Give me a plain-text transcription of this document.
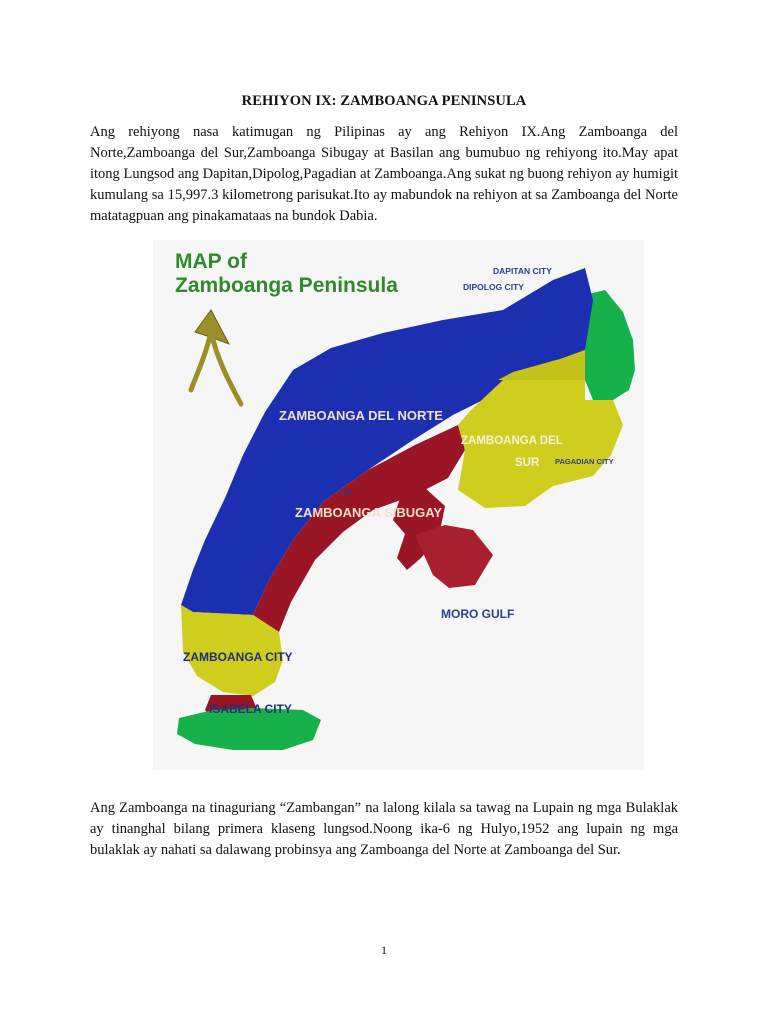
REHIYON IX: ZAMBOANGA PENINSULA
Ang rehiyong nasa katimugan ng Pilipinas ay ang Rehiyon IX.Ang Zamboanga del Norte,Zamboanga del Sur,Zamboanga Sibugay at Basilan ang bumubuo ng rehiyong ito.May apat itong Lungsod ang Dapitan,Dipolog,Pagadian at Zamboanga.Ang sukat ng buong rehiyon ay humigit kumulang sa 15,997.3 kilometrong parisukat.Ito ay mabundok na rehiyon at sa Zamboanga del Norte matatagpuan ang pinakamataas na bundok Dabia.
MAP of
Zamboanga Peninsula
DAPITAN CITY
DIPOLOG CITY
ZAMBOANGA DEL NORTE
ZAMBOANGA DEL
SUR PAGADIAN CITY
IPIL
ZAMBOANGA SIBUGAY
MORO GULF
ZAMBOANGA CITY
ISABELA CITY
Ang Zamboanga na tinaguriang “Zambangan” na lalong kilala sa tawag na Lupain ng mga Bulaklak ay tinanghal bilang primera klaseng lungsod.Noong ika-6 ng Hulyo,1952 ang lupain ng mga bulaklak ay nahati sa dalawang probinsya ang Zamboanga del Norte at Zamboanga del Sur.
1
